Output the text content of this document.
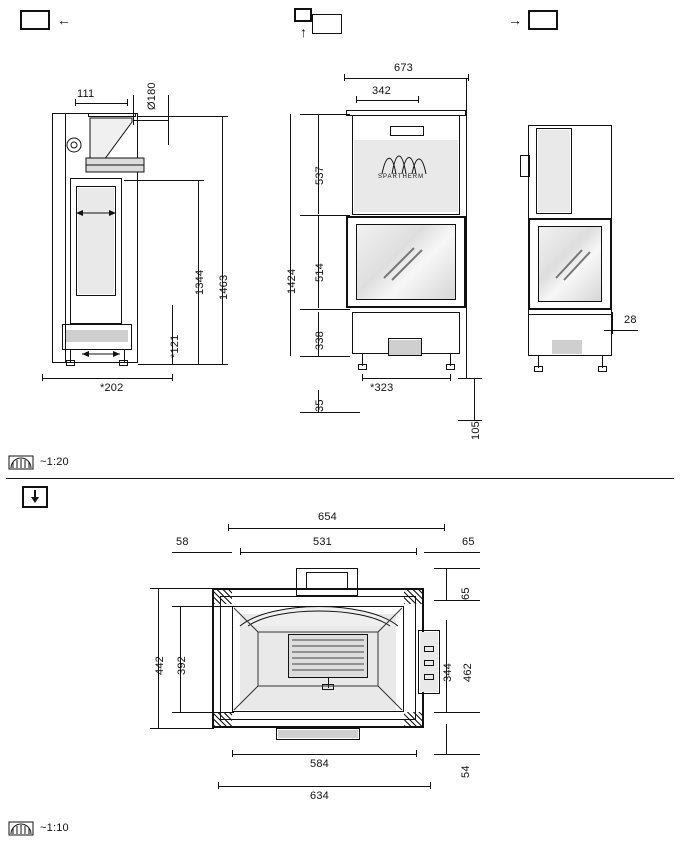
←
↑
→
111	Ø180
1463
1344
*121
*202
SPARTHERM
673
342
537
514
338
35
1424
*323
105
28
~1:20
654
531
58	65
442 392
65
344 462
54
584
634
~1:10
